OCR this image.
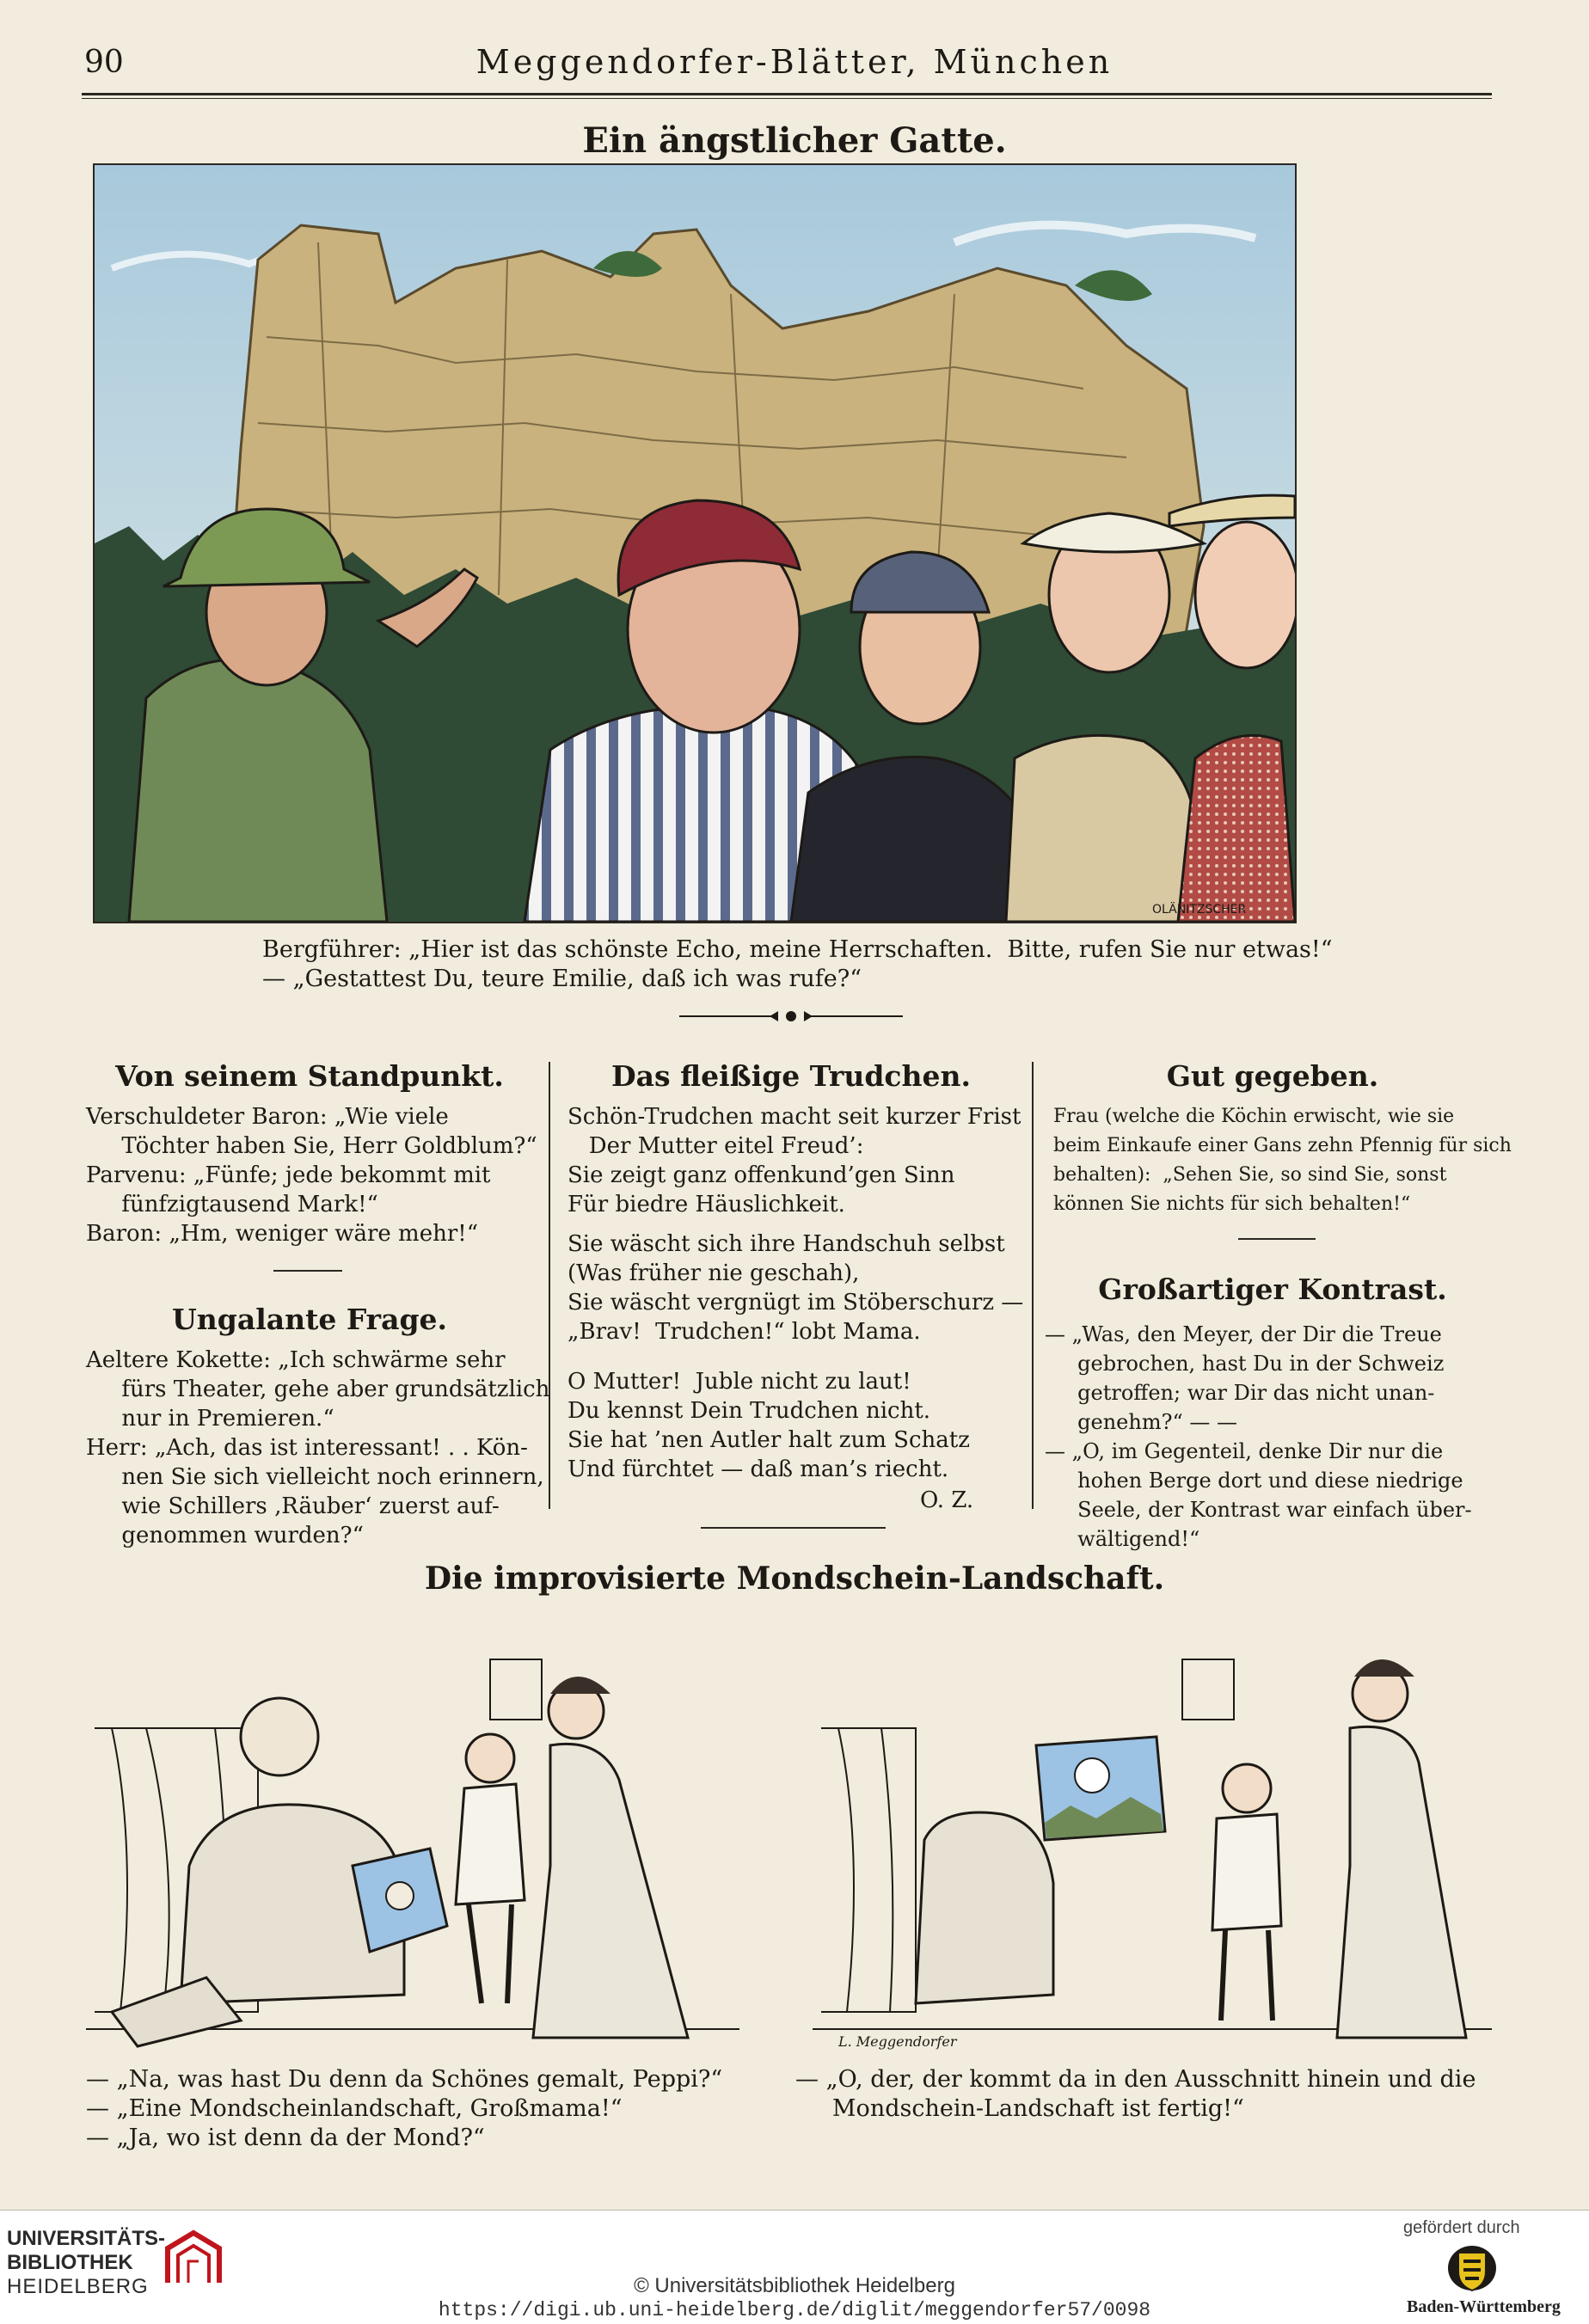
90	Meggendorfer-Blätter, München
Ein ängstlicher Gatte.
OLÄNITZSCHER
Bergführer: „Hier ist das schönste Echo, meine Herrschaften.  Bitte, rufen Sie nur etwas!“
— „Gestattest Du, teure Emilie, daß ich was rufe?“
Von seinem Standpunkt.
Verschuldeter Baron: „Wie viele
Töchter haben Sie, Herr Goldblum?“
Parvenu: „Fünfe; jede bekommt mit
fünfzigtausend Mark!“
Baron: „Hm, weniger wäre mehr!“
Ungalante Frage.
Aeltere Kokette: „Ich schwärme sehr
fürs Theater, gehe aber grundsätzlich
nur in Premieren.“
Herr: „Ach, das ist interessant! . . Kön-
nen Sie sich vielleicht noch erinnern,
wie Schillers ‚Räuber‘ zuerst auf-
genommen wurden?“
Das fleißige Trudchen.
Schön-Trudchen macht seit kurzer Frist
Der Mutter eitel Freud’:
Sie zeigt ganz offenkund’gen Sinn
Für biedre Häuslichkeit.
Sie wäscht sich ihre Handschuh selbst
(Was früher nie geschah),
Sie wäscht vergnügt im Stöberschurz —
„Brav!  Trudchen!“ lobt Mama.
O Mutter!  Juble nicht zu laut!
Du kennst Dein Trudchen nicht.
Sie hat ’nen Autler halt zum Schatz
Und fürchtet — daß man’s riecht.
O. Z.
Gut gegeben.
Frau (welche die Köchin erwischt, wie sie
beim Einkaufe einer Gans zehn Pfennig für sich
behalten):  „Sehen Sie, so sind Sie, sonst
können Sie nichts für sich behalten!“
Großartiger Kontrast.
— „Was, den Meyer, der Dir die Treue
gebrochen, hast Du in der Schweiz
getroffen; war Dir das nicht unan-
genehm?“ — —
— „O, im Gegenteil, denke Dir nur die
hohen Berge dort und diese niedrige
Seele, der Kontrast war einfach über-
wältigend!“
Die improvisierte Mondschein-Landschaft.
L. Meggendorfer
— „Na, was hast Du denn da Schönes gemalt, Peppi?“
— „Eine Mondscheinlandschaft, Großmama!“
— „Ja, wo ist denn da der Mond?“
— „O, der, der kommt da in den Ausschnitt hinein und die
Mondschein-Landschaft ist fertig!“
UNIVERSITÄTS-
BIBLIOTHEK
HEIDELBERG	© Universitätsbibliothek Heidelberg
https://digi.ub.uni-heidelberg.de/diglit/meggendorfer57/0098
gefördert durch
Baden-Württemberg
